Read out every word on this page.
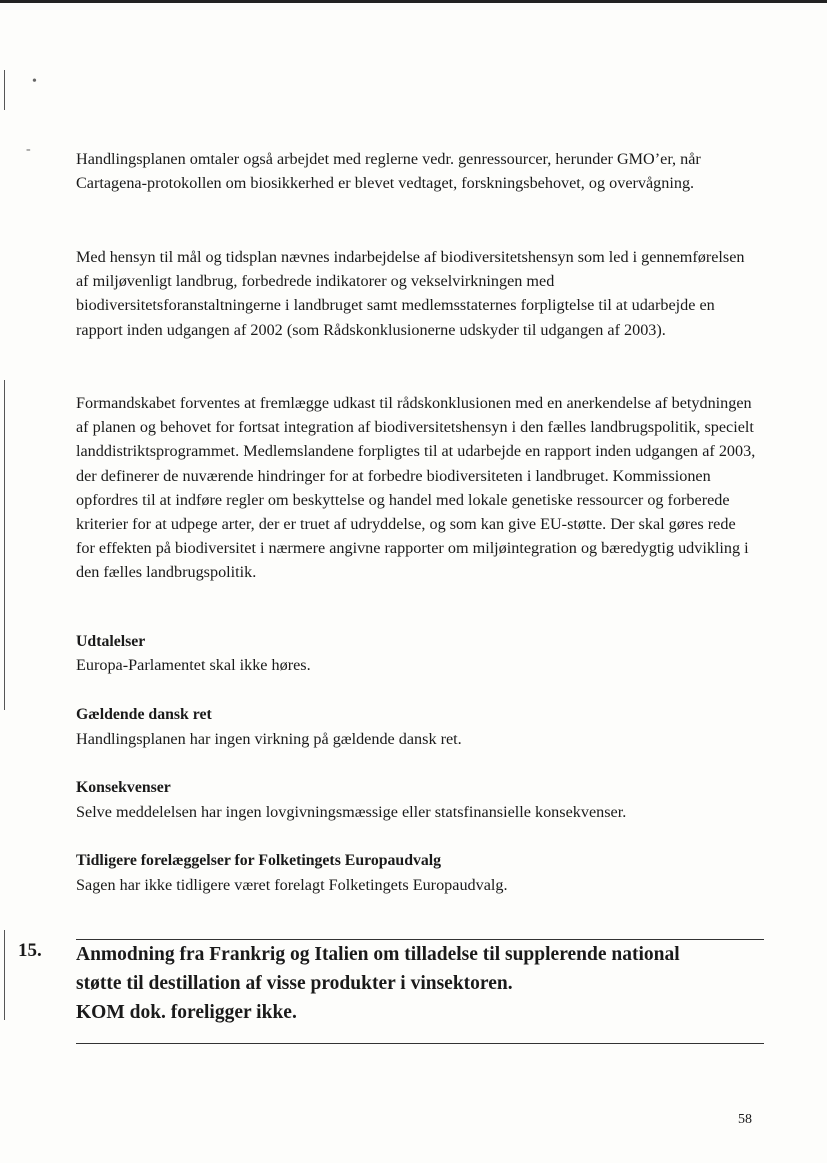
•
-

Handlingsplanen omtaler også arbejdet med reglerne vedr. genressourcer, herunder GMO’er, når Cartagena-protokollen om biosikkerhed er blevet vedtaget, forskningsbehovet, og overvågning.

Med hensyn til mål og tidsplan nævnes indarbejdelse af biodiversitetshensyn som led i gennemførelsen af miljøvenligt landbrug, forbedrede indikatorer og vekselvirkningen med biodiversitetsforanstaltningerne i landbruget samt medlemsstaternes forpligtelse til at udarbejde en rapport inden udgangen af 2002 (som Rådskonklusionerne udskyder til udgangen af 2003).

Formandskabet forventes at fremlægge udkast til rådskonklusionen med en anerkendelse af betydningen af planen og behovet for fortsat integration af biodiversitetshensyn i den fælles landbrugspolitik, specielt landdistriktsprogrammet. Medlemslandene forpligtes til at udarbejde en rapport inden udgangen af 2003, der definerer de nuværende hindringer for at forbedre biodiversiteten i landbruget. Kommissionen opfordres til at indføre regler om beskyttelse og handel med lokale genetiske ressourcer og forberede kriterier for at udpege arter, der er truet af udryddelse, og som kan give EU-støtte. Der skal gøres rede for effekten på biodiversitet i nærmere angivne rapporter om miljøintegration og bæredygtig udvikling i den fælles landbrugspolitik.

Udtalelser

Europa-Parlamentet skal ikke høres.

Gældende dansk ret

Handlingsplanen har ingen virkning på gældende dansk ret.

Konsekvenser

Selve meddelelsen har ingen lovgivningsmæssige eller statsfinansielle konsekvenser.

Tidligere forelæggelser for Folketingets Europaudvalg

Sagen har ikke tidligere været forelagt Folketingets Europaudvalg.

15. Anmodning fra Frankrig og Italien om tilladelse til supplerende national
støtte til destillation af visse produkter i vinsektoren.
KOM dok. foreligger ikke.
58
